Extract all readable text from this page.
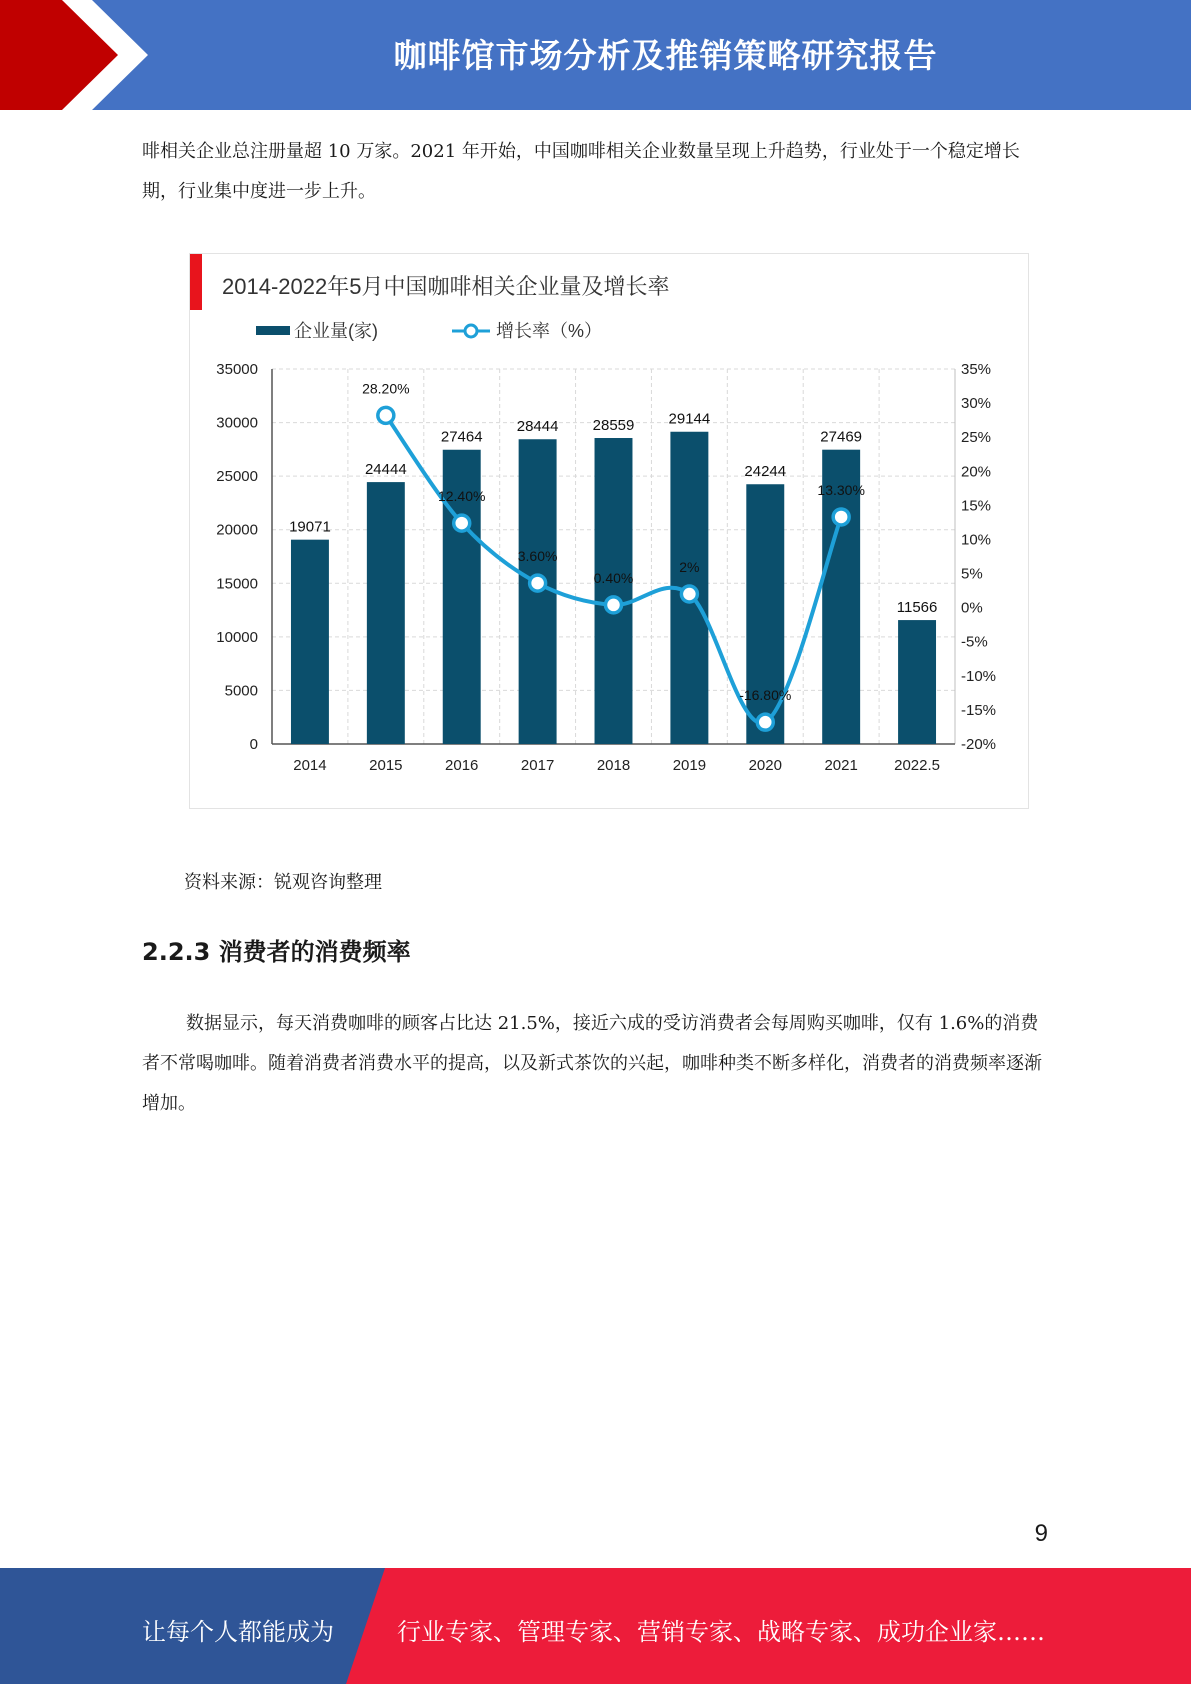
咖啡馆市场分析及推销策略研究报告

啡相关企业总注册量超 10 万家。2021 年开始，中国咖啡相关企业数量呈现上升趋势，行业处于一个稳定增长期，行业集中度进一步上升。

2014-2022年5月中国咖啡相关企业量及增长率
企业量(家)	增长率（%）
0
5000
10000
15000
20000
25000
30000
35000
-20%
-15%
-10%
-5%
0%
5%
10%
15%
20%
25%
30%
35%
19071
2014
24444
2015
27464
2016
28444
2017
28559
2018
29144
2019
24244
2020
27469
2021
11566
2022.5
28.20%
12.40%
3.60%
0.40%
2%
-16.80%
13.30%

资料来源：锐观咨询整理

2.2.3 消费者的消费频率

数据显示，每天消费咖啡的顾客占比达 21.5%，接近六成的受访消费者会每周购买咖啡，仅有 1.6%的消费者不常喝咖啡。随着消费者消费水平的提高，以及新式茶饮的兴起，咖啡种类不断多样化，消费者的消费频率逐渐增加。

9
让每个人都能成为	行业专家、管理专家、营销专家、战略专家、成功企业家……
